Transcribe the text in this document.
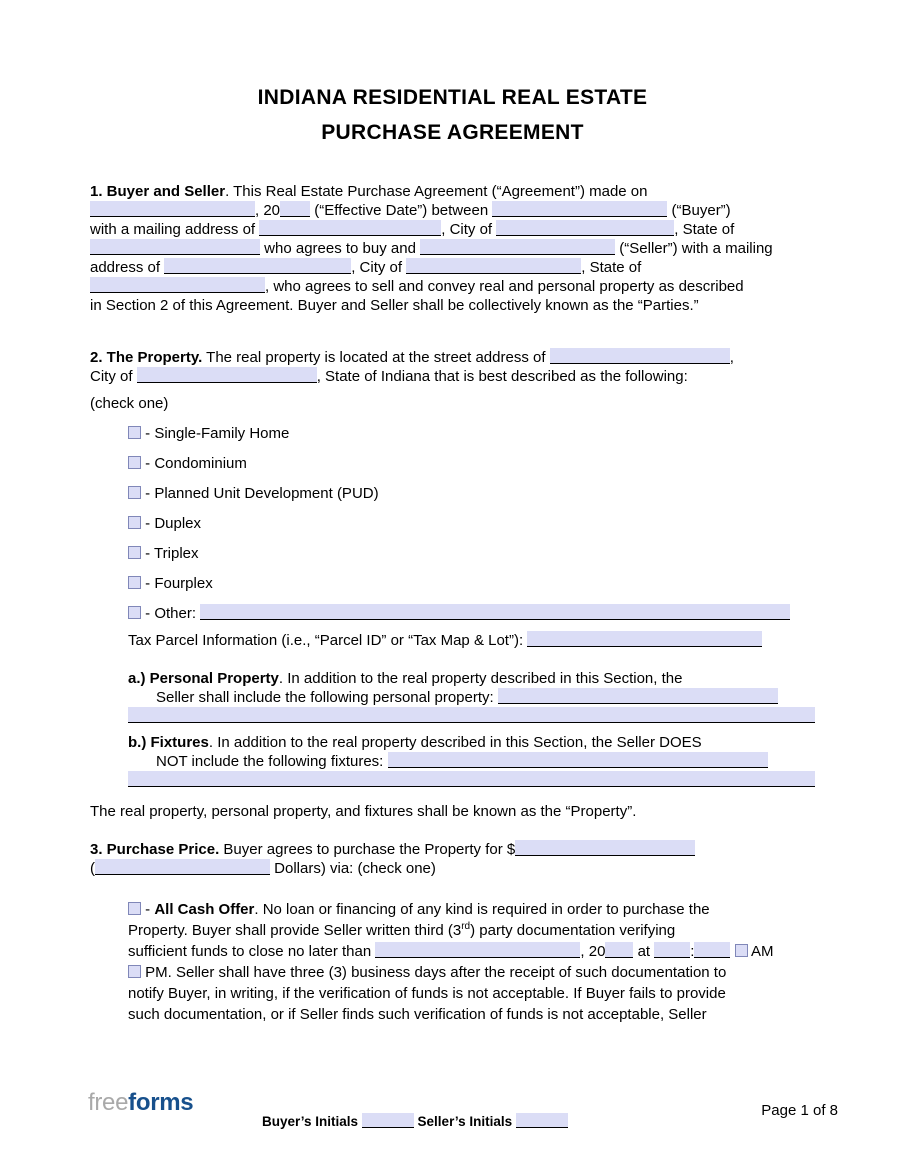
INDIANA RESIDENTIAL REAL ESTATE
PURCHASE AGREEMENT
1. Buyer and Seller. This Real Estate Purchase Agreement (“Agreement”) made on
, 20 (“Effective Date”) between	(“Buyer”)
with a mailing address of	, City of	, State of
who agrees to buy and	(“Seller”) with a mailing
address of	, City of	, State of
, who agrees to sell and convey real and personal property as described
in Section 2 of this Agreement. Buyer and Seller shall be collectively known as the “Parties.”
2. The Property. The real property is located at the street address of	,
City of	, State of Indiana that is best described as the following:
(check one)
- Single-Family Home
- Condominium
- Planned Unit Development (PUD)
- Duplex
- Triplex
- Fourplex
- Other:
Tax Parcel Information (i.e., “Parcel ID” or “Tax Map & Lot”):
a.) Personal Property. In addition to the real property described in this Section, the
Seller shall include the following personal property:
b.) Fixtures. In addition to the real property described in this Section, the Seller DOES
NOT include the following fixtures:
The real property, personal property, and fixtures shall be known as the “Property”.
3. Purchase Price. Buyer agrees to purchase the Property for $
(	Dollars) via: (check one)
- All Cash Offer. No loan or financing of any kind is required in order to purchase the
Property. Buyer shall provide Seller written third (3rd) party documentation verifying
sufficient funds to close no later than	, 20 at :	AM
PM. Seller shall have three (3) business days after the receipt of such documentation to
notify Buyer, in writing, if the verification of funds is not acceptable. If Buyer fails to provide
such documentation, or if Seller finds such verification of funds is not acceptable, Seller
freeforms
Buyer’s Initials	Seller’s Initials
Page 1 of 8
